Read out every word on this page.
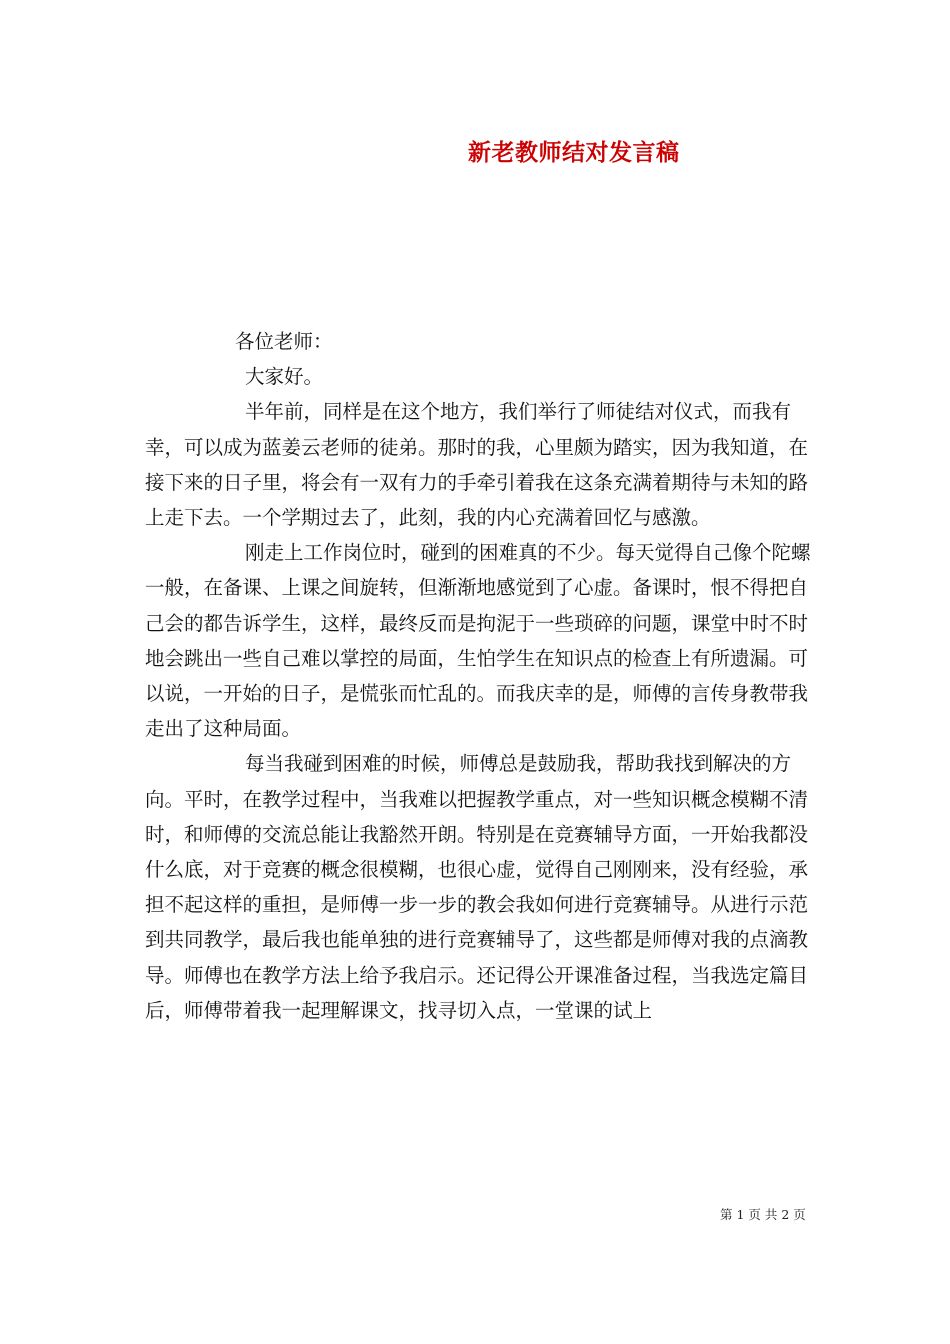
新老教师结对发言稿
各位老师：
大家好。

半年前，同样是在这个地方，我们举行了师徒结对仪式，而我有幸，可以成为蓝姜云老师的徒弟。那时的我，心里颇为踏实，因为我知道，在接下来的日子里，将会有一双有力的手牵引着我在这条充满着期待与未知的路上走下去。一个学期过去了，此刻，我的内心充满着回忆与感激。

刚走上工作岗位时，碰到的困难真的不少。每天觉得自己像个陀螺一般，在备课、上课之间旋转，但渐渐地感觉到了心虚。备课时，恨不得把自己会的都告诉学生，这样，最终反而是拘泥于一些琐碎的问题，课堂中时不时地会跳出一些自己难以掌控的局面，生怕学生在知识点的检查上有所遗漏。可以说，一开始的日子，是慌张而忙乱的。而我庆幸的是，师傅的言传身教带我走出了这种局面。

每当我碰到困难的时候，师傅总是鼓励我，帮助我找到解决的方向。平时，在教学过程中，当我难以把握教学重点，对一些知识概念模糊不清时，和师傅的交流总能让我豁然开朗。特别是在竞赛辅导方面，一开始我都没什么底，对于竞赛的概念很模糊，也很心虚，觉得自己刚刚来，没有经验，承担不起这样的重担，是师傅一步一步的教会我如何进行竞赛辅导。从进行示范到共同教学，最后我也能单独的进行竞赛辅导了，这些都是师傅对我的点滴教导。师傅也在教学方法上给予我启示。还记得公开课准备过程，当我选定篇目后，师傅带着我一起理解课文，找寻切入点，一堂课的试上

第 1 页 共 2 页
